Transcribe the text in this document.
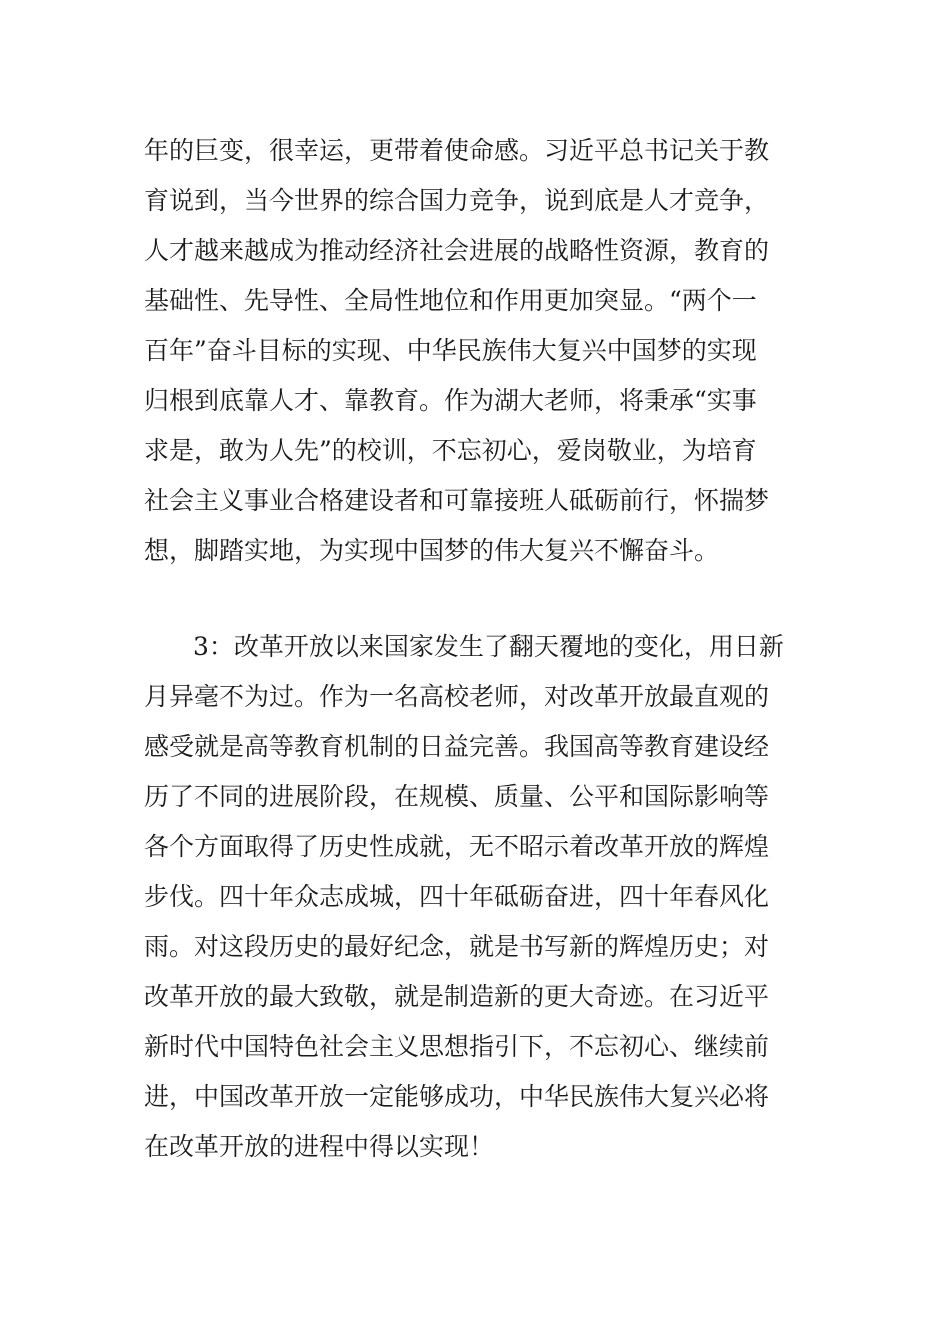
年的巨变，很幸运，更带着使命感。习近平总书记关于教
育说到，当今世界的综合国力竞争，说到底是人才竞争，
人才越来越成为推动经济社会进展的战略性资源，教育的
基础性、先导性、全局性地位和作用更加突显。“两个一
百年”奋斗目标的实现、中华民族伟大复兴中国梦的实现
归根到底靠人才、靠教育。作为湖大老师，将秉承“实事
求是，敢为人先”的校训，不忘初心，爱岗敬业，为培育
社会主义事业合格建设者和可靠接班人砥砺前行，怀揣梦
想，脚踏实地，为实现中国梦的伟大复兴不懈奋斗。
3：改革开放以来国家发生了翻天覆地的变化，用日新
月异毫不为过。作为一名高校老师，对改革开放最直观的
感受就是高等教育机制的日益完善。我国高等教育建设经
历了不同的进展阶段，在规模、质量、公平和国际影响等
各个方面取得了历史性成就，无不昭示着改革开放的辉煌
步伐。四十年众志成城，四十年砥砺奋进，四十年春风化
雨。对这段历史的最好纪念，就是书写新的辉煌历史；对
改革开放的最大致敬，就是制造新的更大奇迹。在习近平
新时代中国特色社会主义思想指引下，不忘初心、继续前
进，中国改革开放一定能够成功，中华民族伟大复兴必将
在改革开放的进程中得以实现！
